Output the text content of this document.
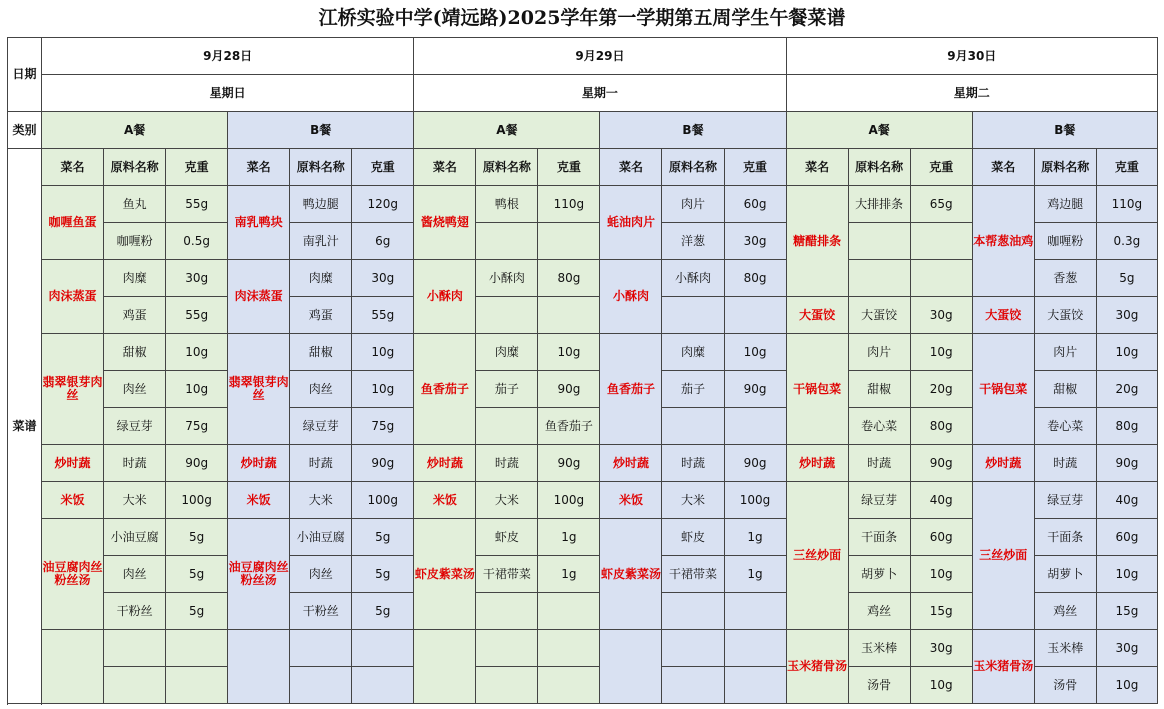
江桥实验中学(靖远路)2025学年第一学期第五周学生午餐菜谱
日期	9月28日						9月29日						9月30日					
	星期日						星期一						星期二					
类别	A餐			B餐			A餐			B餐			A餐			B餐		
菜谱	菜名	原料名称	克重	菜名	原料名称	克重	菜名	原料名称	克重	菜名	原料名称	克重	菜名	原料名称	克重	菜名	原料名称	克重
	咖喱鱼蛋	鱼丸	55g	南乳鸭块	鸭边腿	120g	酱烧鸭翅	鸭根	110g	蚝油肉片	肉片	60g	糖醋排条	大排排条	65g	本帮葱油鸡	鸡边腿	110g
		咖喱粉	0.5g		南乳汁	6g					洋葱	30g					咖喱粉	0.3g
	肉沫蒸蛋	肉糜	30g	肉沫蒸蛋	肉糜	30g	小酥肉	小酥肉	80g	小酥肉	小酥肉	80g					香葱	5g
		鸡蛋	55g		鸡蛋	55g							大蛋饺	大蛋饺	30g	大蛋饺	大蛋饺	30g
	翡翠银芽肉丝	甜椒	10g	翡翠银芽肉丝	甜椒	10g	鱼香茄子	肉糜	10g	鱼香茄子	肉糜	10g	干锅包菜	肉片	10g	干锅包菜	肉片	10g
		肉丝	10g		肉丝	10g		茄子	90g		茄子	90g		甜椒	20g		甜椒	20g
		绿豆芽	75g		绿豆芽	75g			鱼香茄子					卷心菜	80g		卷心菜	80g
	炒时蔬	时蔬	90g	炒时蔬	时蔬	90g	炒时蔬	时蔬	90g	炒时蔬	时蔬	90g	炒时蔬	时蔬	90g	炒时蔬	时蔬	90g
	米饭	大米	100g	米饭	大米	100g	米饭	大米	100g	米饭	大米	100g	三丝炒面	绿豆芽	40g	三丝炒面	绿豆芽	40g
	油豆腐肉丝粉丝汤	小油豆腐	5g	油豆腐肉丝粉丝汤	小油豆腐	5g	虾皮紫菜汤	虾皮	1g	虾皮紫菜汤	虾皮	1g		干面条	60g		干面条	60g
		肉丝	5g		肉丝	5g		干裙带菜	1g		干裙带菜	1g		胡萝卜	10g		胡萝卜	10g
		干粉丝	5g		干粉丝	5g								鸡丝	15g		鸡丝	15g
													玉米猪骨汤	玉米棒	30g	玉米猪骨汤	玉米棒	30g
														汤骨	10g		汤骨	10g
